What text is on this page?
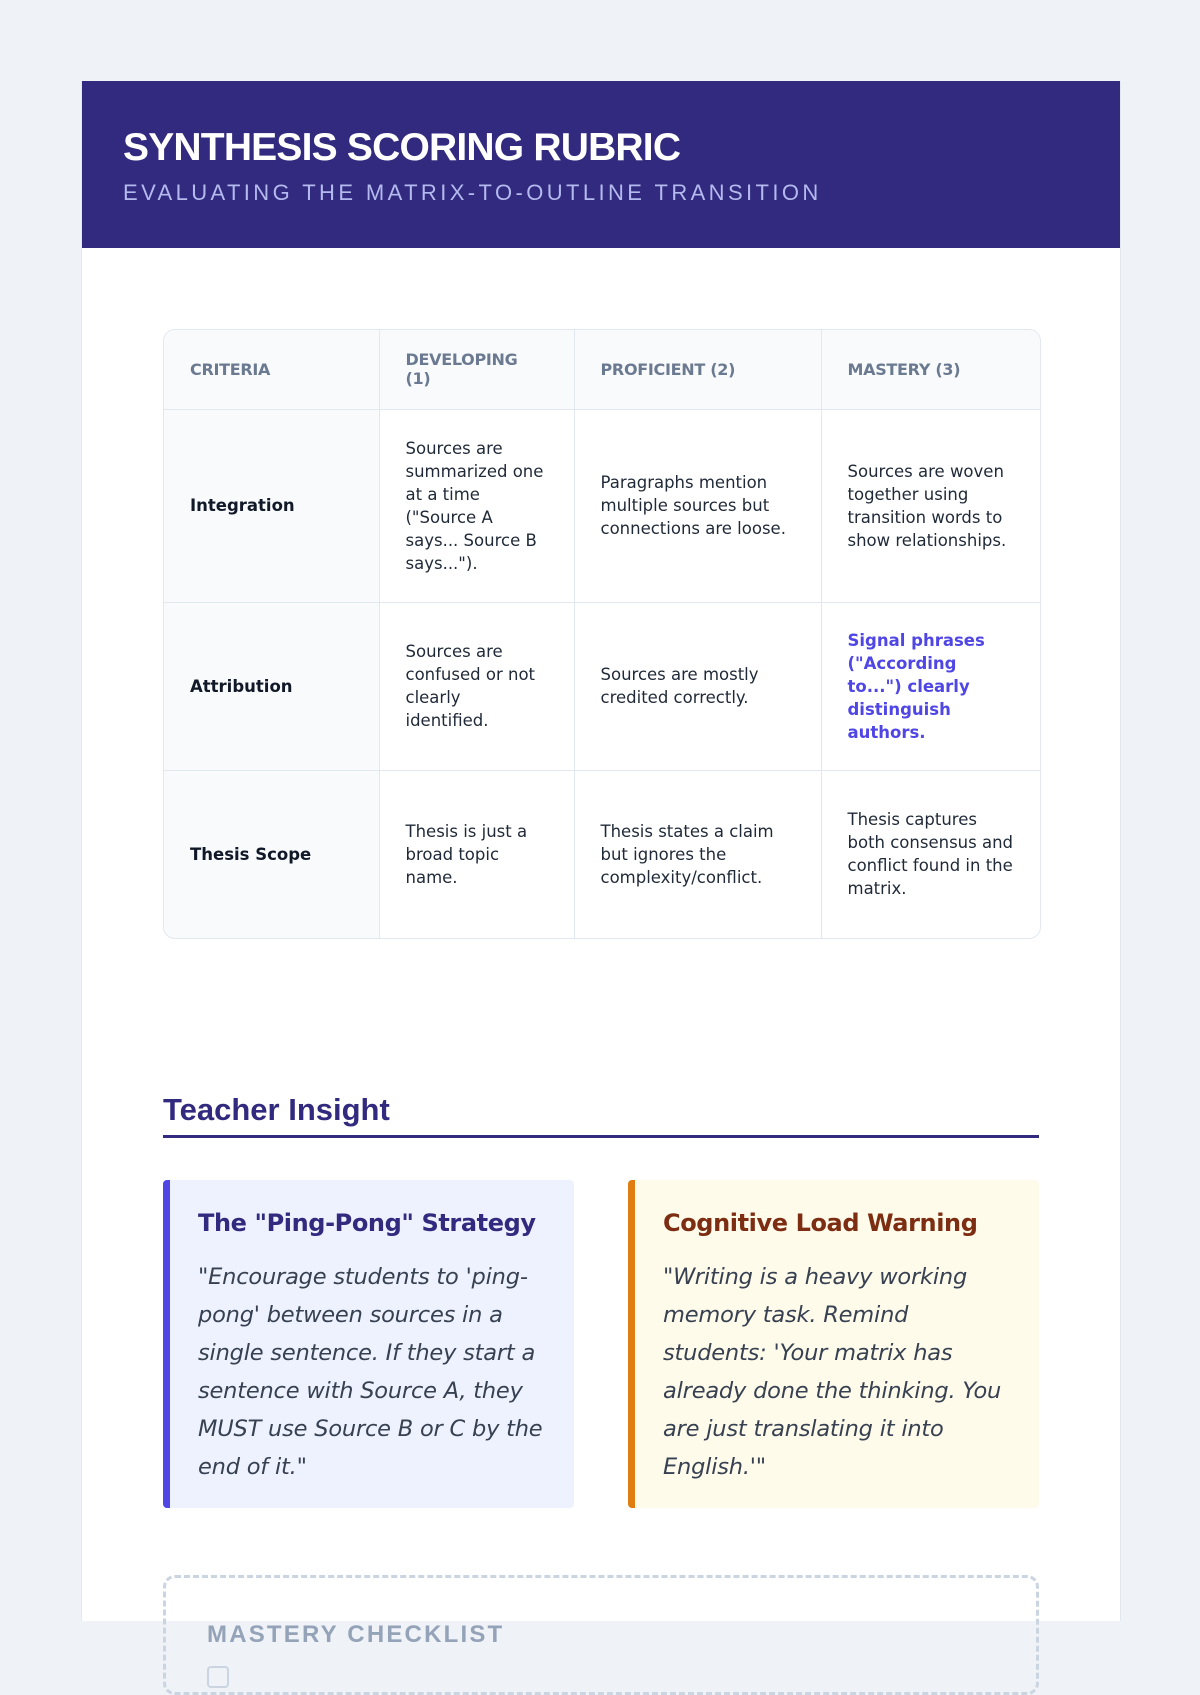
SYNTHESIS SCORING RUBRIC
EVALUATING THE MATRIX-TO-OUTLINE TRANSITION
CRITERIA	DEVELOPING (1)	PROFICIENT (2)	MASTERY (3)
Integration	Sources are summarized one at a time ("Source A says... Source B says...").	Paragraphs mention multiple sources but connections are loose.	Sources are woven together using transition words to show relationships.
Attribution	Sources are confused or not clearly identified.	Sources are mostly credited correctly.	Signal phrases ("According to...") clearly distinguish authors.
Thesis Scope	Thesis is just a broad topic name.	Thesis states a claim but ignores the complexity/conflict.	Thesis captures both consensus and conflict found in the matrix.
Teacher Insight
The "Ping-Pong" Strategy

"Encourage students to 'ping-pong' between sources in a single sentence. If they start a sentence with Source A, they MUST use Source B or C by the end of it."

Cognitive Load Warning

"Writing is a heavy working memory task. Remind students: 'Your matrix has already done the thinking. You are just translating it into English.'"

MASTERY CHECKLIST
